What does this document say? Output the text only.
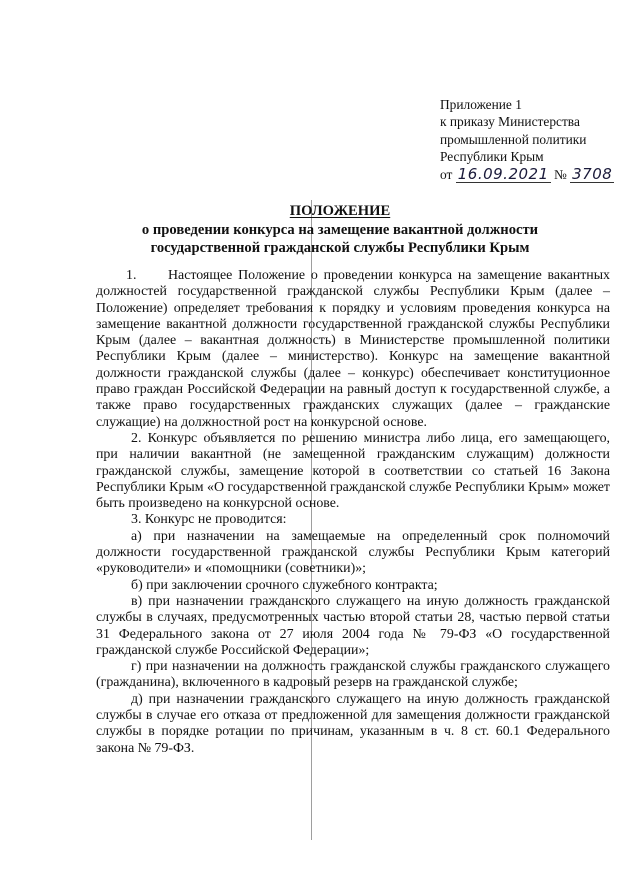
Приложение 1
к приказу Министерства
промышленной политики
Республики Крым
от 16.09.2021 № 3708
ПОЛОЖЕНИЕ
о проведении конкурса на замещение вакантной должности
государственной гражданской службы Республики Крым

1. Настоящее Положение о проведении конкурса на замещение вакантных должностей государственной гражданской службы Республики Крым (далее – Положение) определяет требования к порядку и условиям проведения конкурса на замещение вакантной должности государственной гражданской службы Республики Крым (далее – вакантная должность) в Министерстве промышленной политики Республики Крым (далее – министерство). Конкурс на замещение вакантной должности гражданской службы (далее – конкурс) обеспечивает конституционное право граждан Российской Федерации на равный доступ к государственной службе, а также право государственных гражданских служащих (далее – гражданские служащие) на должностной рост на конкурсной основе.

2. Конкурс объявляется по решению министра либо лица, его замещающего, при наличии вакантной (не замещенной гражданским служащим) должности гражданской службы, замещение которой в соответствии со статьей 16 Закона Республики Крым «О государственной гражданской службе Республики Крым» может быть произведено на конкурсной основе.

3. Конкурс не проводится:

а) при назначении на замещаемые на определенный срок полномочий должности государственной гражданской службы Республики Крым категорий «руководители» и «помощники (советники)»;

б) при заключении срочного служебного контракта;

в) при назначении гражданского служащего на иную должность гражданской службы в случаях, предусмотренных частью второй статьи 28, частью первой статьи 31 Федерального закона от 27 июля 2004 года № 79-ФЗ «О государственной гражданской службе Российской Федерации»;

г) при назначении на должность гражданской службы гражданского служащего (гражданина), включенного в кадровый резерв на гражданской службе;

д) при назначении гражданского служащего на иную должность гражданской службы в случае его отказа от предложенной для замещения должности гражданской службы в порядке ротации по причинам, указанным в ч. 8 ст. 60.1 Федерального закона № 79-ФЗ.
